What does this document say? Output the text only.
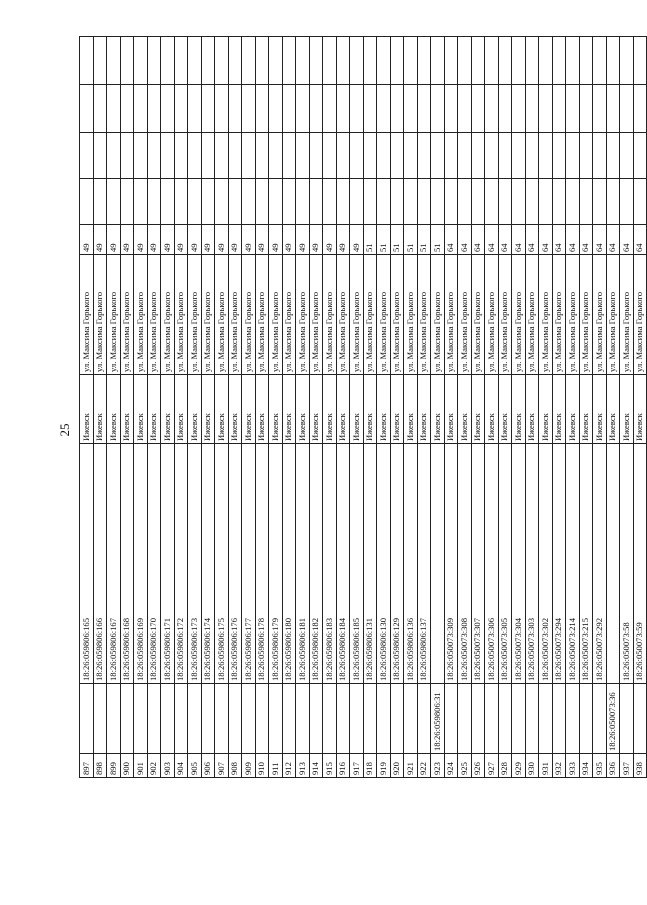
25
897		18:26:059806:165	Ижевск	ул. Максима Горького	49				
898		18:26:059806:166	Ижевск	ул. Максима Горького	49				
899		18:26:059806:167	Ижевск	ул. Максима Горького	49				
900		18:26:059806:168	Ижевск	ул. Максима Горького	49				
901		18:26:059806:169	Ижевск	ул. Максима Горького	49				
902		18:26:059806:170	Ижевск	ул. Максима Горького	49				
903		18:26:059806:171	Ижевск	ул. Максима Горького	49				
904		18:26:059806:172	Ижевск	ул. Максима Горького	49				
905		18:26:059806:173	Ижевск	ул. Максима Горького	49				
906		18:26:059806:174	Ижевск	ул. Максима Горького	49				
907		18:26:059806:175	Ижевск	ул. Максима Горького	49				
908		18:26:059806:176	Ижевск	ул. Максима Горького	49				
909		18:26:059806:177	Ижевск	ул. Максима Горького	49				
910		18:26:059806:178	Ижевск	ул. Максима Горького	49				
911		18:26:059806:179	Ижевск	ул. Максима Горького	49				
912		18:26:059806:180	Ижевск	ул. Максима Горького	49				
913		18:26:059806:181	Ижевск	ул. Максима Горького	49				
914		18:26:059806:182	Ижевск	ул. Максима Горького	49				
915		18:26:059806:183	Ижевск	ул. Максима Горького	49				
916		18:26:059806:184	Ижевск	ул. Максима Горького	49				
917		18:26:059806:185	Ижевск	ул. Максима Горького	49				
918		18:26:059806:131	Ижевск	ул. Максима Горького	51				
919		18:26:059806:130	Ижевск	ул. Максима Горького	51				
920		18:26:059806:129	Ижевск	ул. Максима Горького	51				
921		18:26:059806:136	Ижевск	ул. Максима Горького	51				
922		18:26:059806:137	Ижевск	ул. Максима Горького	51				
923	18:26:059806:31		Ижевск	ул. Максима Горького	51				
924		18:26:050073:309	Ижевск	ул. Максима Горького	64				
925		18:26:050073:308	Ижевск	ул. Максима Горького	64				
926		18:26:050073:307	Ижевск	ул. Максима Горького	64				
927		18:26:050073:306	Ижевск	ул. Максима Горького	64				
928		18:26:050073:305	Ижевск	ул. Максима Горького	64				
929		18:26:050073:304	Ижевск	ул. Максима Горького	64				
930		18:26:050073:303	Ижевск	ул. Максима Горького	64				
931		18:26:050073:302	Ижевск	ул. Максима Горького	64				
932		18:26:050073:294	Ижевск	ул. Максима Горького	64				
933		18:26:050073:214	Ижевск	ул. Максима Горького	64				
934		18:26:050073:215	Ижевск	ул. Максима Горького	64				
935		18:26:050073:292	Ижевск	ул. Максима Горького	64				
936	18:26:050073:36		Ижевск	ул. Максима Горького	64				
937		18:26:050073:58	Ижевск	ул. Максима Горького	64				
938		18:26:050073:59	Ижевск	ул. Максима Горького	64				
